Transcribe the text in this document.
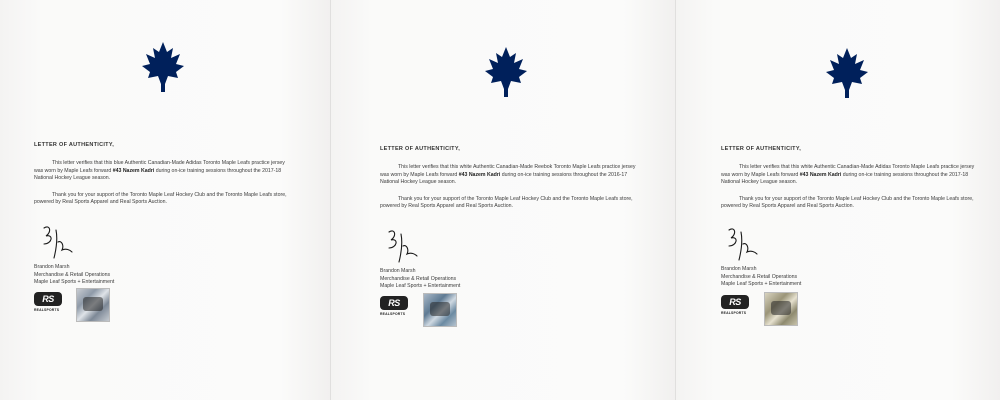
LETTER OF AUTHENTICITY,

This letter verifies that this blue Authentic Canadian-Made Adidas Toronto Maple Leafs practice jersey was worn by Maple Leafs forward #43 Nazem Kadri during on-ice training sessions throughout the 2017-18 National Hockey League season.

Thank you for your support of the Toronto Maple Leaf Hockey Club and the Toronto Maple Leafs store, powered by Real Sports Apparel and Real Sports Auction.

Brandon Marsh
Merchandise & Retail Operations
Maple Leaf Sports + Entertainment
RS
REALSPORTS
LETTER OF AUTHENTICITY,

This letter verifies that this white Authentic Canadian-Made Reebok Toronto Maple Leafs practice jersey was worn by Maple Leafs forward #43 Nazem Kadri during on-ice training sessions throughout the 2016-17 National Hockey League season.

Thank you for your support of the Toronto Maple Leaf Hockey Club and the Toronto Maple Leafs store, powered by Real Sports Apparel and Real Sports Auction.

Brandon Marsh
Merchandise & Retail Operations
Maple Leaf Sports + Entertainment
RS
REALSPORTS
LETTER OF AUTHENTICITY,

This letter verifies that this white Authentic Canadian-Made Adidas Toronto Maple Leafs practice jersey was worn by Maple Leafs forward #43 Nazem Kadri during on-ice training sessions throughout the 2017-18 National Hockey League season.

Thank you for your support of the Toronto Maple Leaf Hockey Club and the Toronto Maple Leafs store, powered by Real Sports Apparel and Real Sports Auction.

Brandon Marsh
Merchandise & Retail Operations
Maple Leaf Sports + Entertainment
RS
REALSPORTS
